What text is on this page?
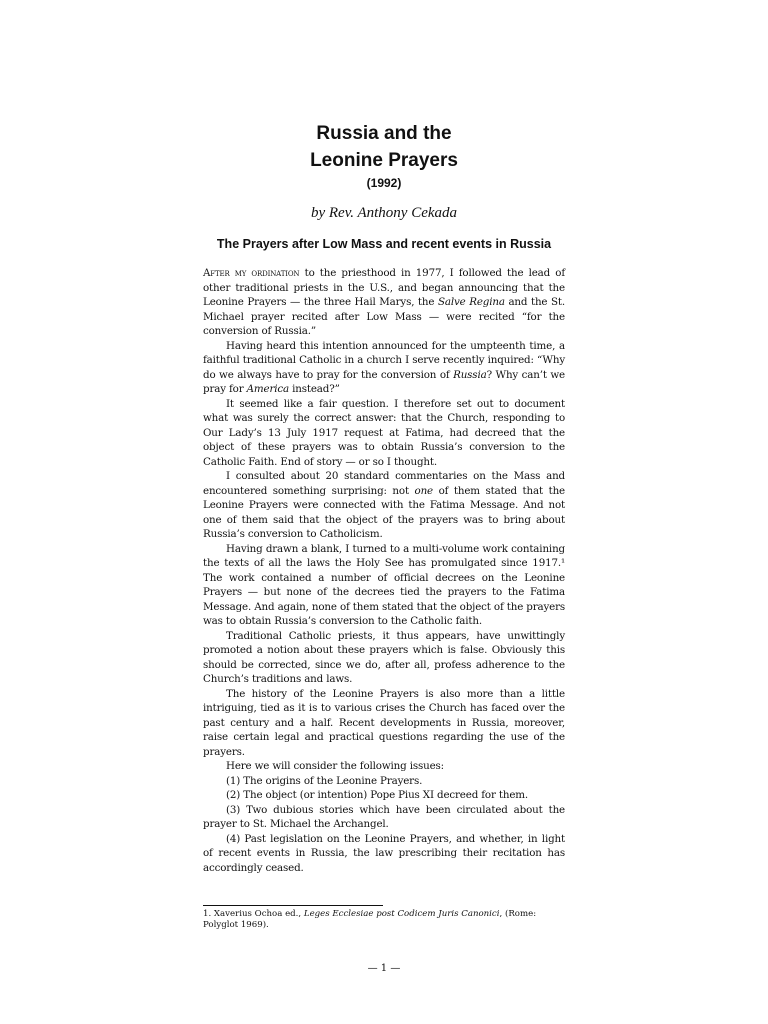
Russia and the
Leonine Prayers

(1992)

by Rev. Anthony Cekada

The Prayers after Low Mass and recent events in Russia

After my ordination to the priesthood in 1977, I followed the lead of other traditional priests in the U.S., and began announcing that the Leonine Prayers — the three Hail Marys, the Salve Regina and the St. Michael prayer recited after Low Mass — were recited “for the conversion of Russia.”

Having heard this intention announced for the umpteenth time, a faithful traditional Catholic in a church I serve recently inquired: “Why do we always have to pray for the conversion of Russia? Why can’t we pray for America instead?”

It seemed like a fair question. I therefore set out to document what was surely the correct answer: that the Church, responding to Our Lady’s 13 July 1917 request at Fatima, had decreed that the object of these prayers was to obtain Russia’s conversion to the Catholic Faith. End of story — or so I thought.

I consulted about 20 standard commentaries on the Mass and encountered something surprising: not one of them stated that the Leonine Prayers were connected with the Fatima Message. And not one of them said that the object of the prayers was to bring about Russia’s conversion to Catholicism.

Having drawn a blank, I turned to a multi-volume work containing the texts of all the laws the Holy See has promulgated since 1917.¹ The work contained a number of official decrees on the Leonine Prayers — but none of the decrees tied the prayers to the Fatima Message. And again, none of them stated that the object of the prayers was to obtain Russia’s conversion to the Catholic faith.

Traditional Catholic priests, it thus appears, have unwittingly promoted a notion about these prayers which is false. Obviously this should be corrected, since we do, after all, profess adherence to the Church’s traditions and laws.

The history of the Leonine Prayers is also more than a little intriguing, tied as it is to various crises the Church has faced over the past century and a half. Recent developments in Russia, moreover, raise certain legal and practical questions regarding the use of the prayers.

Here we will consider the following issues:

(1) The origins of the Leonine Prayers.

(2) The object (or intention) Pope Pius XI decreed for them.

(3) Two dubious stories which have been circulated about the prayer to St. Michael the Archangel.

(4) Past legislation on the Leonine Prayers, and whether, in light of recent events in Russia, the law prescribing their recitation has accordingly ceased.

1. Xaverius Ochoa ed., Leges Ecclesiae post Codicem Juris Canonici, (Rome: Polyglot 1969).

— 1 —
